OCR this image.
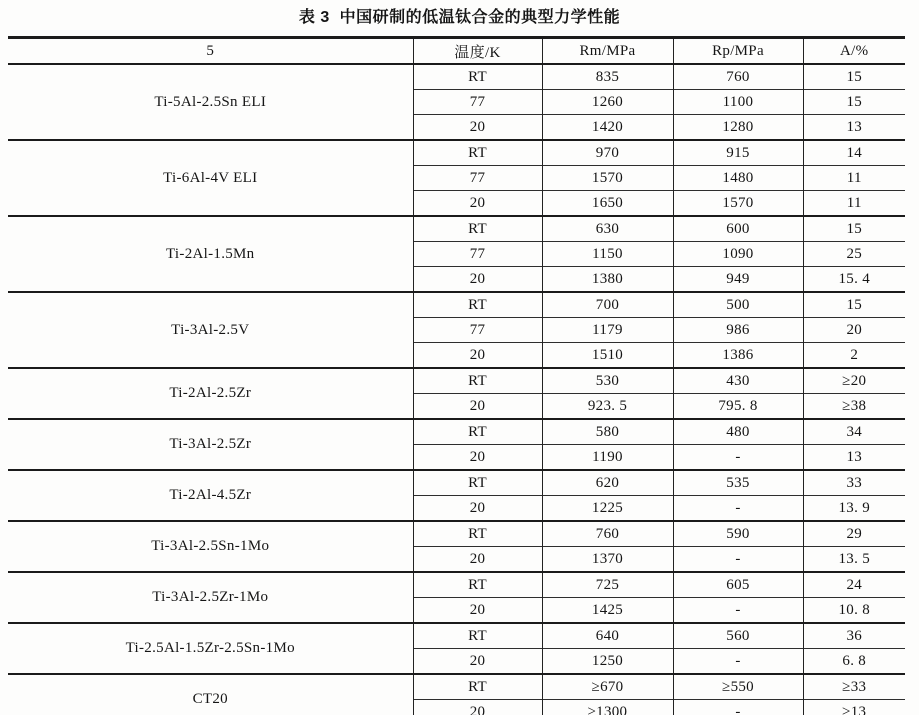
表 3  中国研制的低温钛合金的典型力学性能
5	温度/K	Rm/MPa	Rp/MPa	A/%
Ti-5Al-2.5Sn ELI	RT	835	760	15
	77	1260	1100	15
	20	1420	1280	13
Ti-6Al-4V ELI	RT	970	915	14
	77	1570	1480	11
	20	1650	1570	11
Ti-2Al-1.5Mn	RT	630	600	15
	77	1150	1090	25
	20	1380	949	15. 4
Ti-3Al-2.5V	RT	700	500	15
	77	1179	986	20
	20	1510	1386	2
Ti-2Al-2.5Zr	RT	530	430	≥20
	20	923. 5	795. 8	≥38
Ti-3Al-2.5Zr	RT	580	480	34
	20	1190	-	13
Ti-2Al-4.5Zr	RT	620	535	33
	20	1225	-	13. 9
Ti-3Al-2.5Sn-1Mo	RT	760	590	29
	20	1370	-	13. 5
Ti-3Al-2.5Zr-1Mo	RT	725	605	24
	20	1425	-	10. 8
Ti-2.5Al-1.5Zr-2.5Sn-1Mo	RT	640	560	36
	20	1250	-	6. 8
CT20	RT	≥670	≥550	≥33
	20	≥1300	-	≥13
